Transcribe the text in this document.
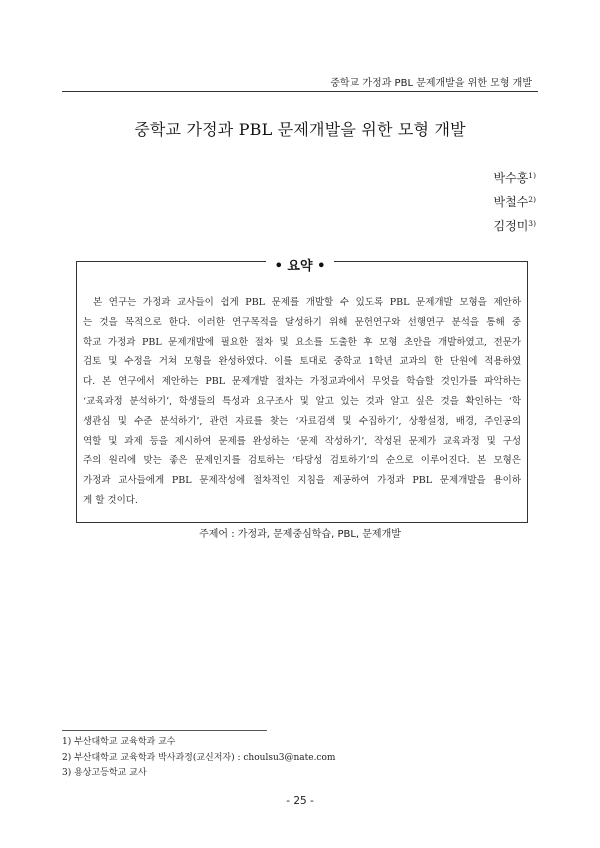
중학교 가정과 PBL 문제개발을 위한 모형 개발
중학교 가정과 PBL 문제개발을 위한 모형 개발
박수홍$^{1)}$
박철수$^{2)}$
김정미$^{3)}$
• 요약 •
본 연구는 가정과 교사들이 쉽게 PBL 문제를 개발할 수 있도록 PBL 문제개발 모형을 제안하
는 것을 목적으로 한다. 이러한 연구목적을 달성하기 위해 문헌연구와 선행연구 분석을 통해 중
학교 가정과 PBL 문제개발에 필요한 절차 및 요소를 도출한 후 모형 초안을 개발하였고, 전문가
검토 및 수정을 거쳐 모형을 완성하였다. 이를 토대로 중학교 1학년 교과의 한 단원에 적용하였
다. 본 연구에서 제안하는 PBL 문제개발 절차는 가정교과에서 무엇을 학습할 것인가를 파악하는
‘교육과정 분석하기’, 학생들의 특성과 요구조사 및 알고 있는 것과 알고 싶은 것을 확인하는 ‘학
생관심 및 수준 분석하기’, 관련 자료를 찾는 ‘자료검색 및 수집하기’, 상황설정, 배경, 주인공의
역할 및 과제 등을 제시하여 문제를 완성하는 ‘문제 작성하기’, 작성된 문제가 교육과정 및 구성
주의 원리에 맞는 좋은 문제인지를 검토하는 ‘타당성 검토하기’의 순으로 이루어진다. 본 모형은
가정과 교사들에게 PBL 문제작성에 절차적인 지침을 제공하여 가정과 PBL 문제개발을 용이하
게 할 것이다.
주제어 : 가정과, 문제중심학습, PBL, 문제개발
1) 부산대학교 교육학과 교수
2) 부산대학교 교육학과 박사과정(교신저자) : choulsu3@nate.com
3) 용상고등학교 교사
- 25 -
